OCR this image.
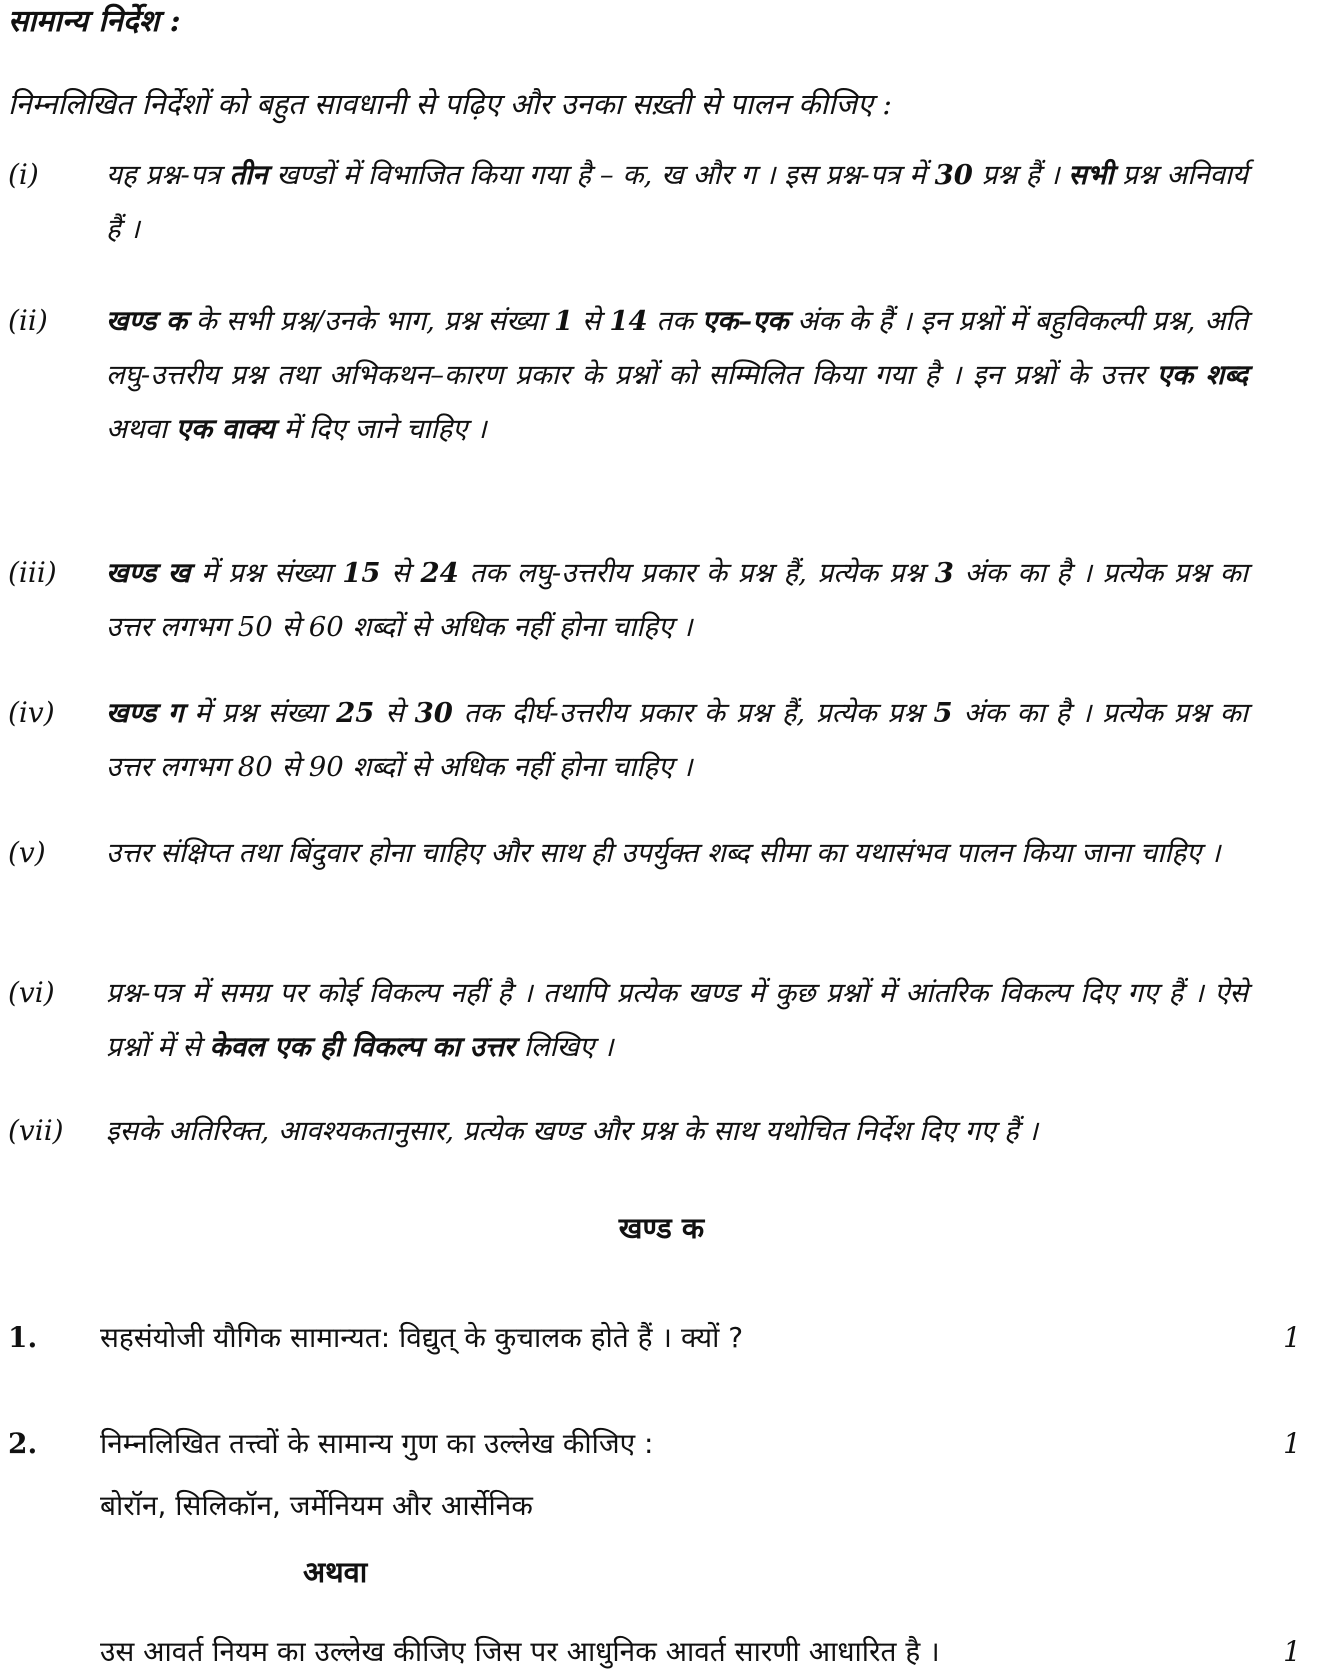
सामान्य निर्देश :
निम्नलिखित निर्देशों को बहुत सावधानी से पढ़िए और उनका सख़्ती से पालन कीजिए :
(i) यह प्रश्न-पत्र तीन खण्डों में विभाजित किया गया है – क, ख और ग । इस प्रश्न-पत्र में 30 प्रश्न हैं । सभी प्रश्न अनिवार्य हैं ।
(ii) खण्ड क के सभी प्रश्न/उनके भाग, प्रश्न संख्या 1 से 14 तक एक–एक अंक के हैं । इन प्रश्नों में बहुविकल्पी प्रश्न, अति लघु-उत्तरीय प्रश्न तथा अभिकथन–कारण प्रकार के प्रश्नों को सम्मिलित किया गया है । इन प्रश्नों के उत्तर एक शब्द अथवा एक वाक्य में दिए जाने चाहिए ।
(iii) खण्ड ख में प्रश्न संख्या 15 से 24 तक लघु-उत्तरीय प्रकार के प्रश्न हैं, प्रत्येक प्रश्न 3 अंक का है । प्रत्येक प्रश्न का उत्तर लगभग 50 से 60 शब्दों से अधिक नहीं होना चाहिए ।
(iv) खण्ड ग में प्रश्न संख्या 25 से 30 तक दीर्घ-उत्तरीय प्रकार के प्रश्न हैं, प्रत्येक प्रश्न 5 अंक का है । प्रत्येक प्रश्न का उत्तर लगभग 80 से 90 शब्दों से अधिक नहीं होना चाहिए ।
(v) उत्तर संक्षिप्त तथा बिंदुवार होना चाहिए और साथ ही उपर्युक्त शब्द सीमा का यथासंभव पालन किया जाना चाहिए ।
(vi) प्रश्न-पत्र में समग्र पर कोई विकल्प नहीं है । तथापि प्रत्येक खण्ड में कुछ प्रश्नों में आंतरिक विकल्प दिए गए हैं । ऐसे प्रश्नों में से केवल एक ही विकल्प का उत्तर लिखिए ।
(vii) इसके अतिरिक्त, आवश्यकतानुसार, प्रत्येक खण्ड और प्रश्न के साथ यथोचित निर्देश दिए गए हैं ।
खण्ड क
1. सहसंयोजी यौगिक सामान्यत: विद्युत् के कुचालक होते हैं । क्यों ?	1
2. निम्नलिखित तत्त्वों के सामान्य गुण का उल्लेख कीजिए :	1
बोरॉन, सिलिकॉन, जर्मेनियम और आर्सेनिक
अथवा
उस आवर्त नियम का उल्लेख कीजिए जिस पर आधुनिक आवर्त सारणी आधारित है ।	1
